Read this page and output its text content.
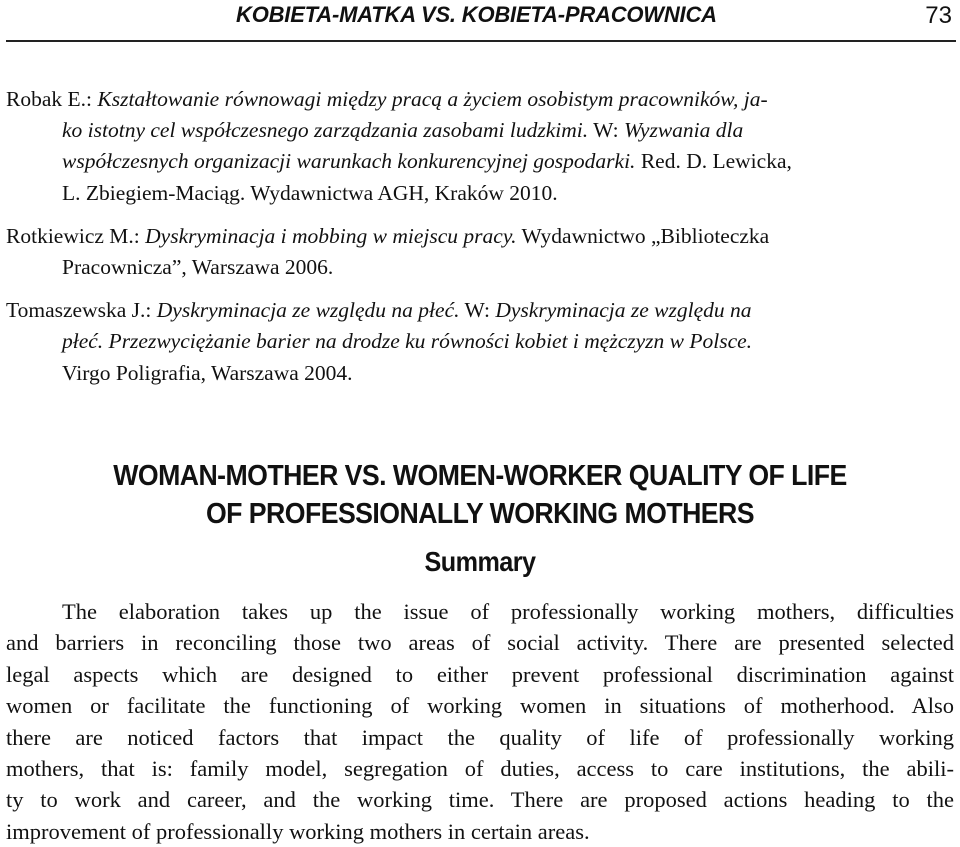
KOBIETA-MATKA VS. KOBIETA-PRACOWNICA	73
Robak E.: Kształtowanie równowagi między pracą a życiem osobistym pracowników, ja-
ko istotny cel współczesnego zarządzania zasobami ludzkimi. W: Wyzwania dla
współczesnych organizacji warunkach konkurencyjnej gospodarki. Red. D. Lewicka,
L. Zbiegiem-Maciąg. Wydawnictwa AGH, Kraków 2010.
Rotkiewicz M.: Dyskryminacja i mobbing w miejscu pracy. Wydawnictwo „Biblioteczka
Pracownicza”, Warszawa 2006.
Tomaszewska J.: Dyskryminacja ze względu na płeć. W: Dyskryminacja ze względu na
płeć. Przezwyciężanie barier na drodze ku równości kobiet i mężczyzn w Polsce.
Virgo Poligrafia, Warszawa 2004.
WOMAN-MOTHER VS. WOMEN-WORKER QUALITY OF LIFE
OF PROFESSIONALLY WORKING MOTHERS
Summary
The elaboration takes up the issue of professionally working mothers, difficulties
and barriers in reconciling those two areas of social activity. There are presented selected
legal aspects which are designed to either prevent professional discrimination against
women or facilitate the functioning of working women in situations of motherhood. Also
there are noticed factors that impact the quality of life of professionally working
mothers, that is: family model, segregation of duties, access to care institutions, the abili-
ty to work and career, and the working time. There are proposed actions heading to the
improvement of professionally working mothers in certain areas.
